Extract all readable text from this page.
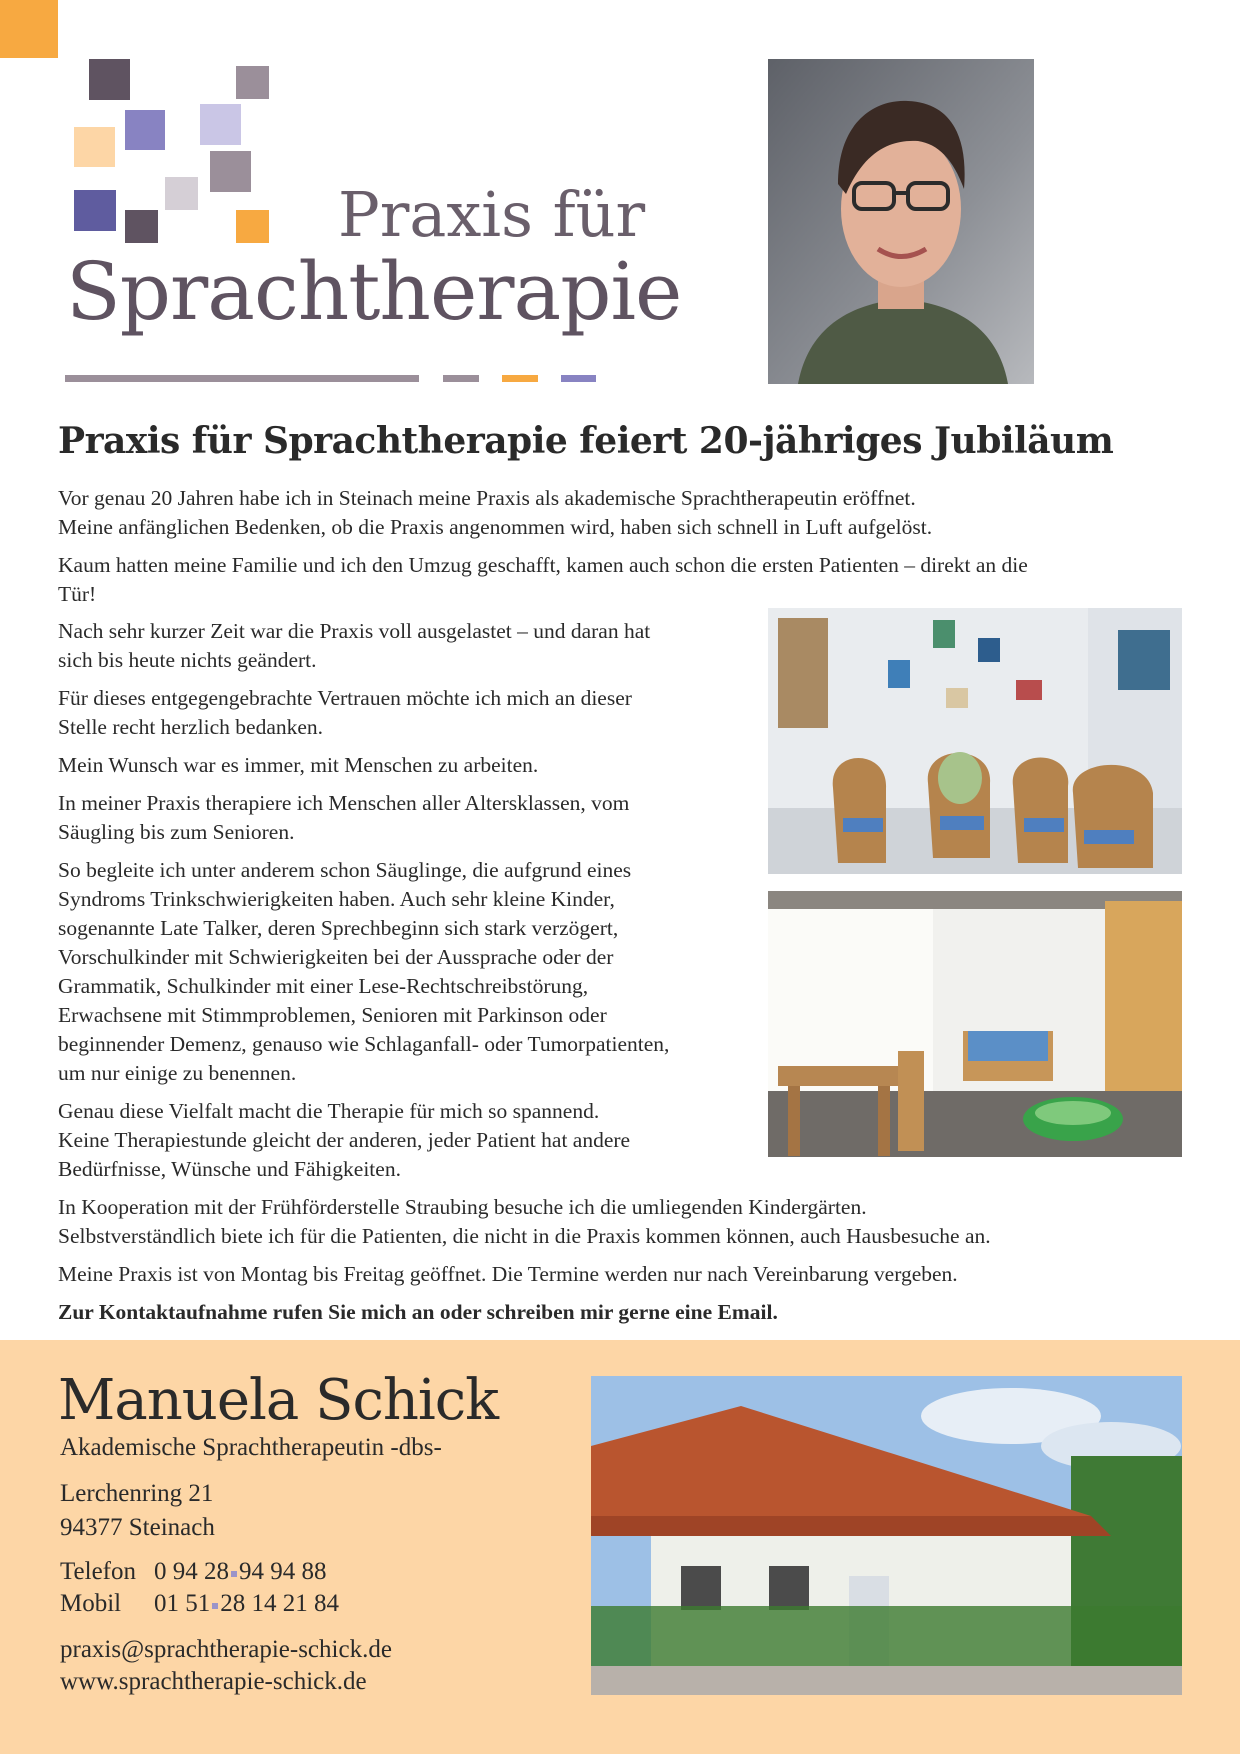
Praxis für
Sprachtherapie
Praxis für Sprachtherapie feiert 20-jähriges Jubiläum
Vor genau 20 Jahren habe ich in Steinach meine Praxis als akademische Sprachtherapeutin eröffnet.
Meine anfänglichen Bedenken, ob die Praxis angenommen wird, haben sich schnell in Luft aufgelöst.
Kaum hatten meine Familie und ich den Umzug geschafft, kamen auch schon die ersten Patienten – direkt an die
Tür!
Nach sehr kurzer Zeit war die Praxis voll ausgelastet – und daran hat
sich bis heute nichts geändert.
Für dieses entgegengebrachte Vertrauen möchte ich mich an dieser
Stelle recht herzlich bedanken.
Mein Wunsch war es immer, mit Menschen zu arbeiten.
In meiner Praxis therapiere ich Menschen aller Altersklassen, vom
Säugling bis zum Senioren.
So begleite ich unter anderem schon Säuglinge, die aufgrund eines
Syndroms Trinkschwierigkeiten haben. Auch sehr kleine Kinder,
sogenannte Late Talker, deren Sprechbeginn sich stark verzögert,
Vorschulkinder mit Schwierigkeiten bei der Aussprache oder der
Grammatik, Schulkinder mit einer Lese-Rechtschreibstörung,
Erwachsene mit Stimmproblemen, Senioren mit Parkinson oder
beginnender Demenz, genauso wie Schlaganfall- oder Tumorpatienten,
um nur einige zu benennen.
Genau diese Vielfalt macht die Therapie für mich so spannend.
Keine Therapiestunde gleicht der anderen, jeder Patient hat andere
Bedürfnisse, Wünsche und Fähigkeiten.
In Kooperation mit der Frühförderstelle Straubing besuche ich die umliegenden Kindergärten.
Selbstverständlich biete ich für die Patienten, die nicht in die Praxis kommen können, auch Hausbesuche an.
Meine Praxis ist von Montag bis Freitag geöffnet. Die Termine werden nur nach Vereinbarung vergeben.
Zur Kontaktaufnahme rufen Sie mich an oder schreiben mir gerne eine Email.
Manuela Schick
Akademische Sprachtherapeutin -dbs-
Lerchenring 21
94377 Steinach
Telefon 0 94 28 94 94 88
Mobil 01 51 28 14 21 84
praxis@sprachtherapie-schick.de
www.sprachtherapie-schick.de
